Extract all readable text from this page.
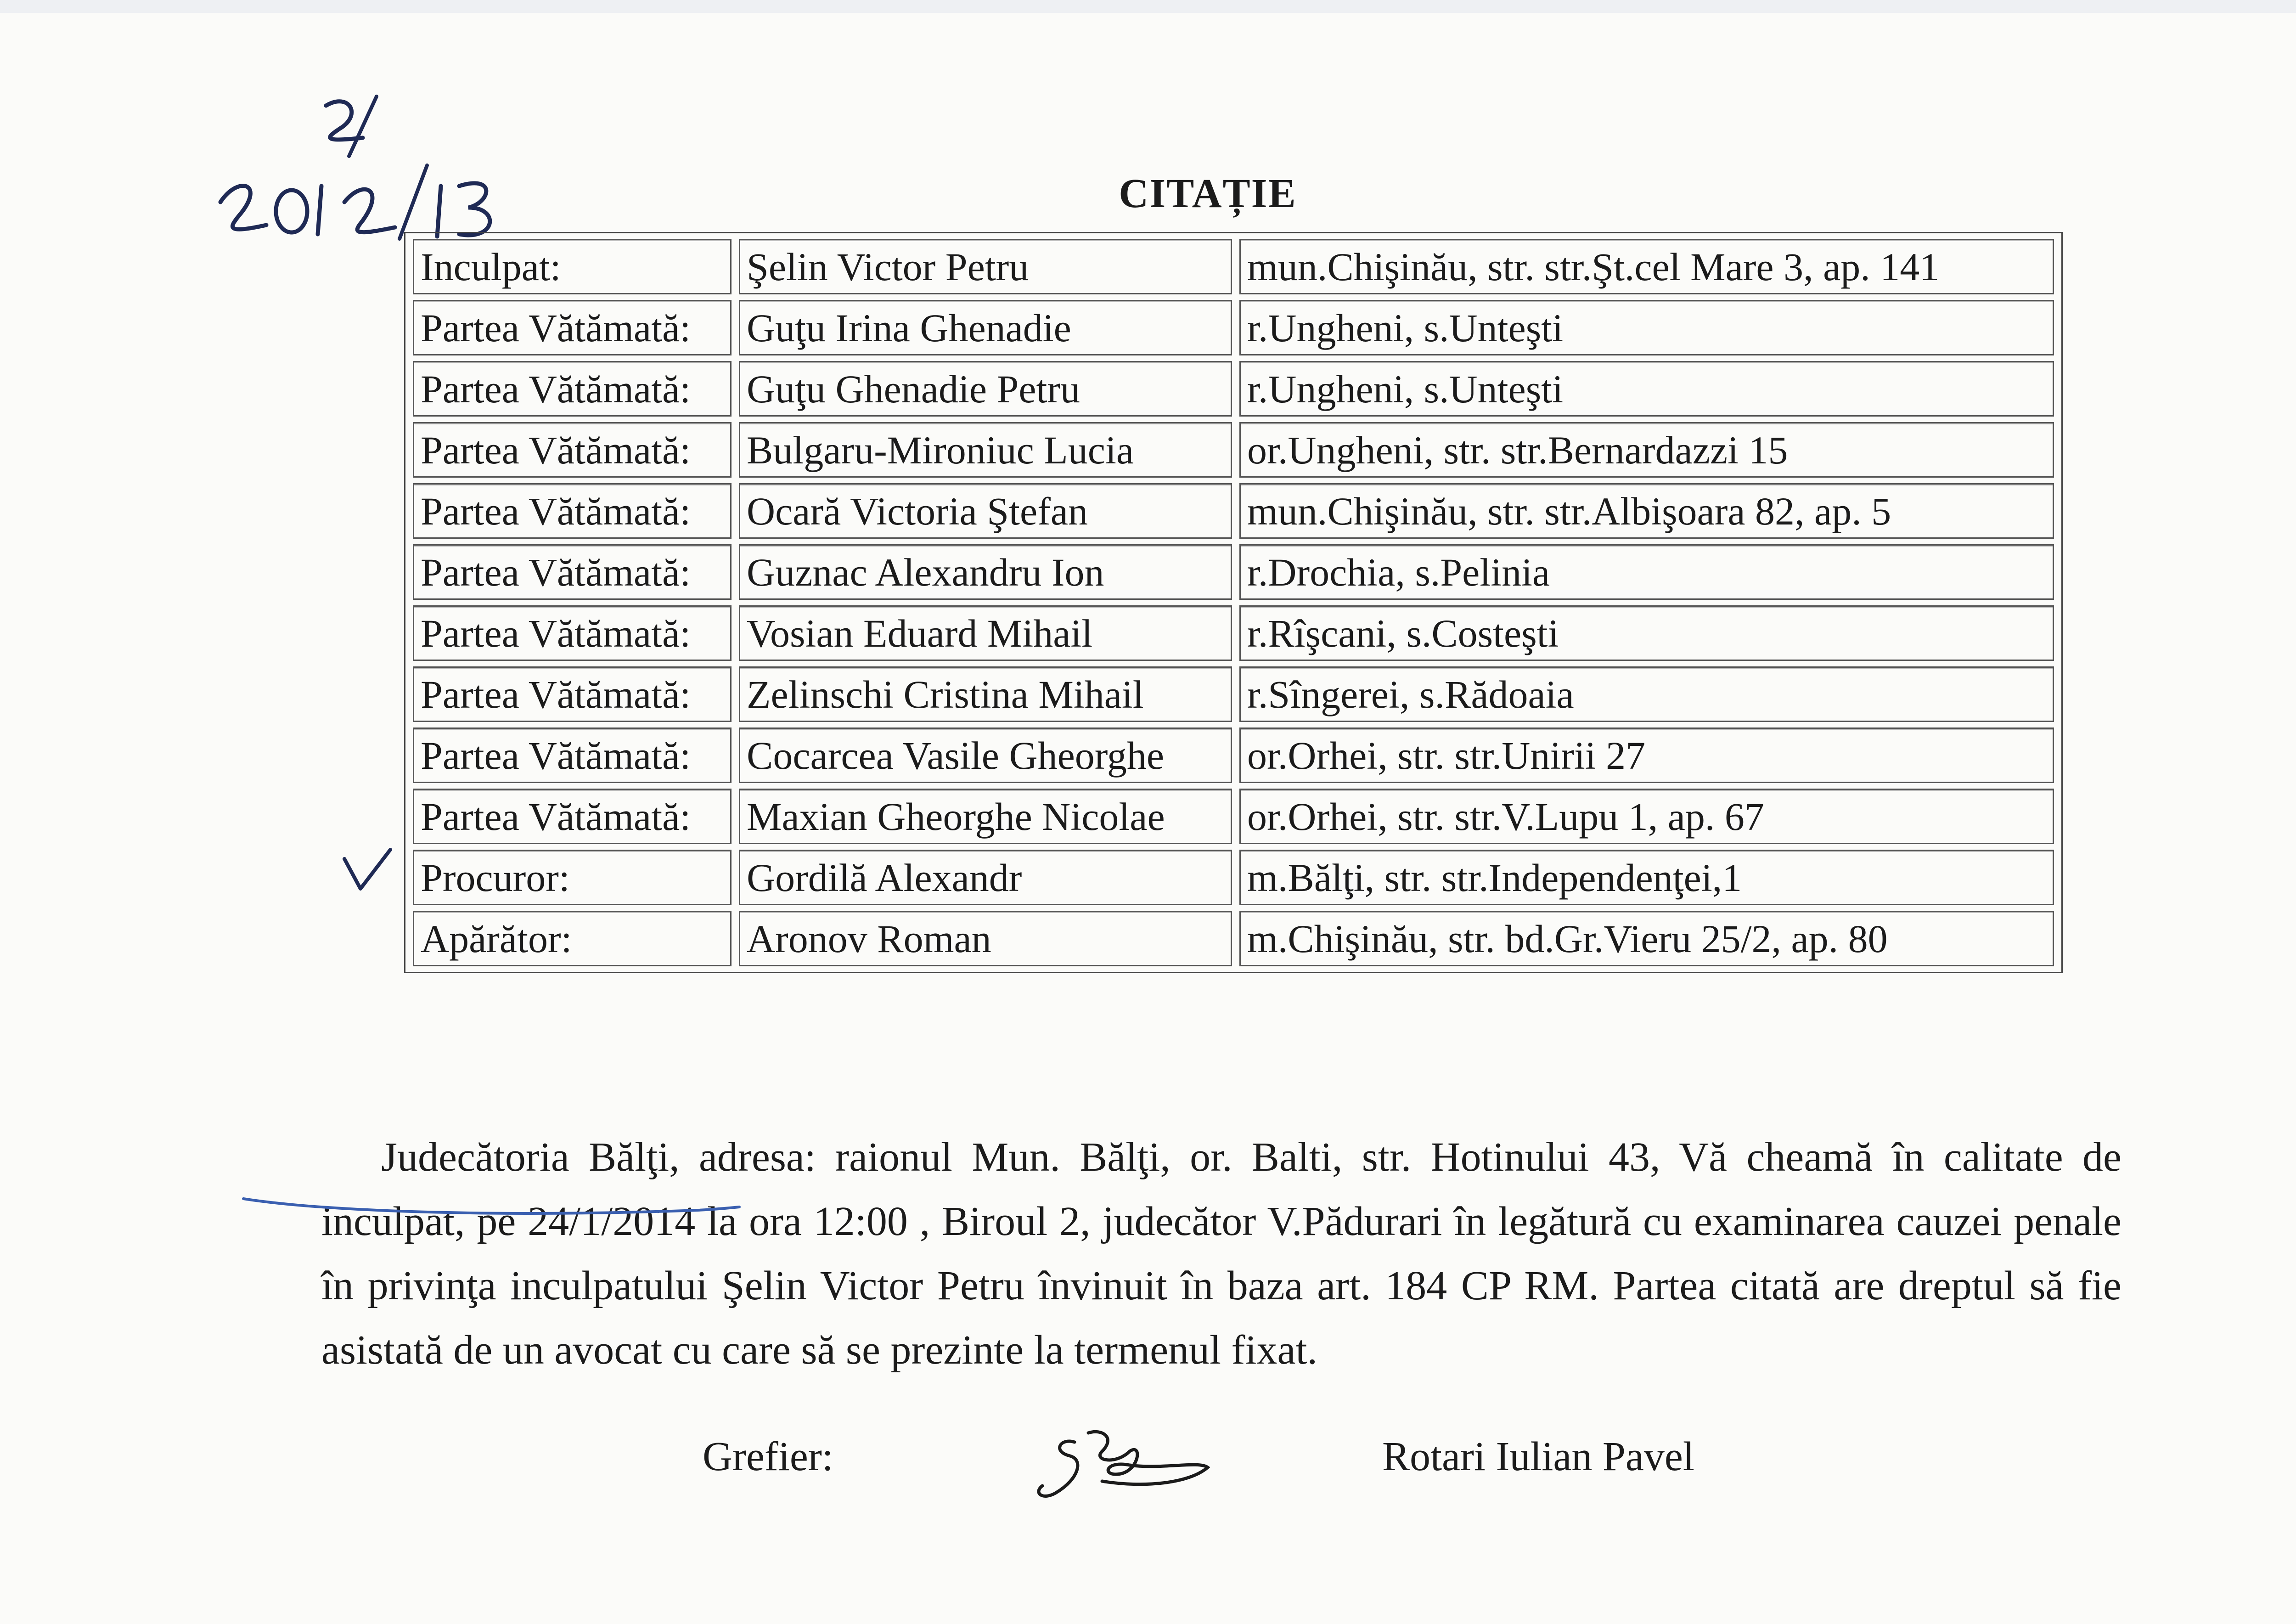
CITAȚIE
Inculpat:	Şelin Victor Petru	mun.Chişinău, str. str.Şt.cel Mare 3, ap. 141
Partea Vătămată:	Guţu Irina Ghenadie	r.Ungheni, s.Unteşti
Partea Vătămată:	Guţu Ghenadie Petru	r.Ungheni, s.Unteşti
Partea Vătămată:	Bulgaru-Mironiuc Lucia	or.Ungheni, str. str.Bernardazzi 15
Partea Vătămată:	Ocară Victoria Ştefan	mun.Chişinău, str. str.Albişoara 82, ap. 5
Partea Vătămată:	Guznac Alexandru Ion	r.Drochia, s.Pelinia
Partea Vătămată:	Vosian Eduard Mihail	r.Rîşcani, s.Costeşti
Partea Vătămată:	Zelinschi Cristina Mihail	r.Sîngerei, s.Rădoaia
Partea Vătămată:	Cocarcea Vasile Gheorghe	or.Orhei, str. str.Unirii 27
Partea Vătămată:	Maxian Gheorghe Nicolae	or.Orhei, str. str.V.Lupu 1, ap. 67
Procuror:	Gordilă Alexandr	m.Bălţi, str. str.Independenţei,1
Apărător:	Aronov Roman	m.Chişinău, str. bd.Gr.Vieru 25/2, ap. 80

Judecătoria Bălţi, adresa: raionul Mun. Bălţi, or. Balti, str. Hotinului 43, Vă cheamă în calitate de inculpat, pe 24/1/2014 la ora 12:00 , Biroul 2, judecător V.Pădurari în legătură cu examinarea cauzei penale în privinţa inculpatului Şelin Victor Petru învinuit în baza art. 184 CP RM. Partea citată are dreptul să fie asistată de un avocat cu care să se prezinte la termenul fixat.

Grefier:	Rotari Iulian Pavel
